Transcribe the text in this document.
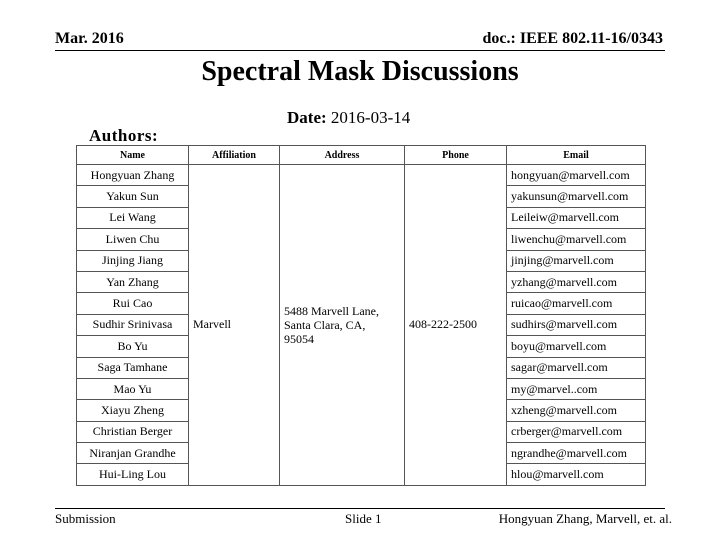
Mar. 2016	doc.: IEEE 802.11-16/0343
Spectral Mask Discussions
Date: 2016-03-14
Authors:
Name	Affiliation	Address	Phone	Email
Hongyuan Zhang	Marvell	5488 Marvell Lane,
Santa Clara, CA,
95054	408-222-2500	hongyuan@marvell.com
Yakun Sun				yakunsun@marvell.com
Lei Wang				Leileiw@marvell.com
Liwen Chu				liwenchu@marvell.com
Jinjing Jiang				jinjing@marvell.com
Yan Zhang				yzhang@marvell.com
Rui Cao				ruicao@marvell.com
Sudhir Srinivasa				sudhirs@marvell.com
Bo Yu				boyu@marvell.com
Saga Tamhane				sagar@marvell.com
Mao Yu				my@marvel..com
Xiayu Zheng				xzheng@marvell.com
Christian Berger				crberger@marvell.com
Niranjan Grandhe				ngrandhe@marvell.com
Hui-Ling Lou				hlou@marvell.com
Submission	Slide 1	Hongyuan Zhang, Marvell, et. al.
